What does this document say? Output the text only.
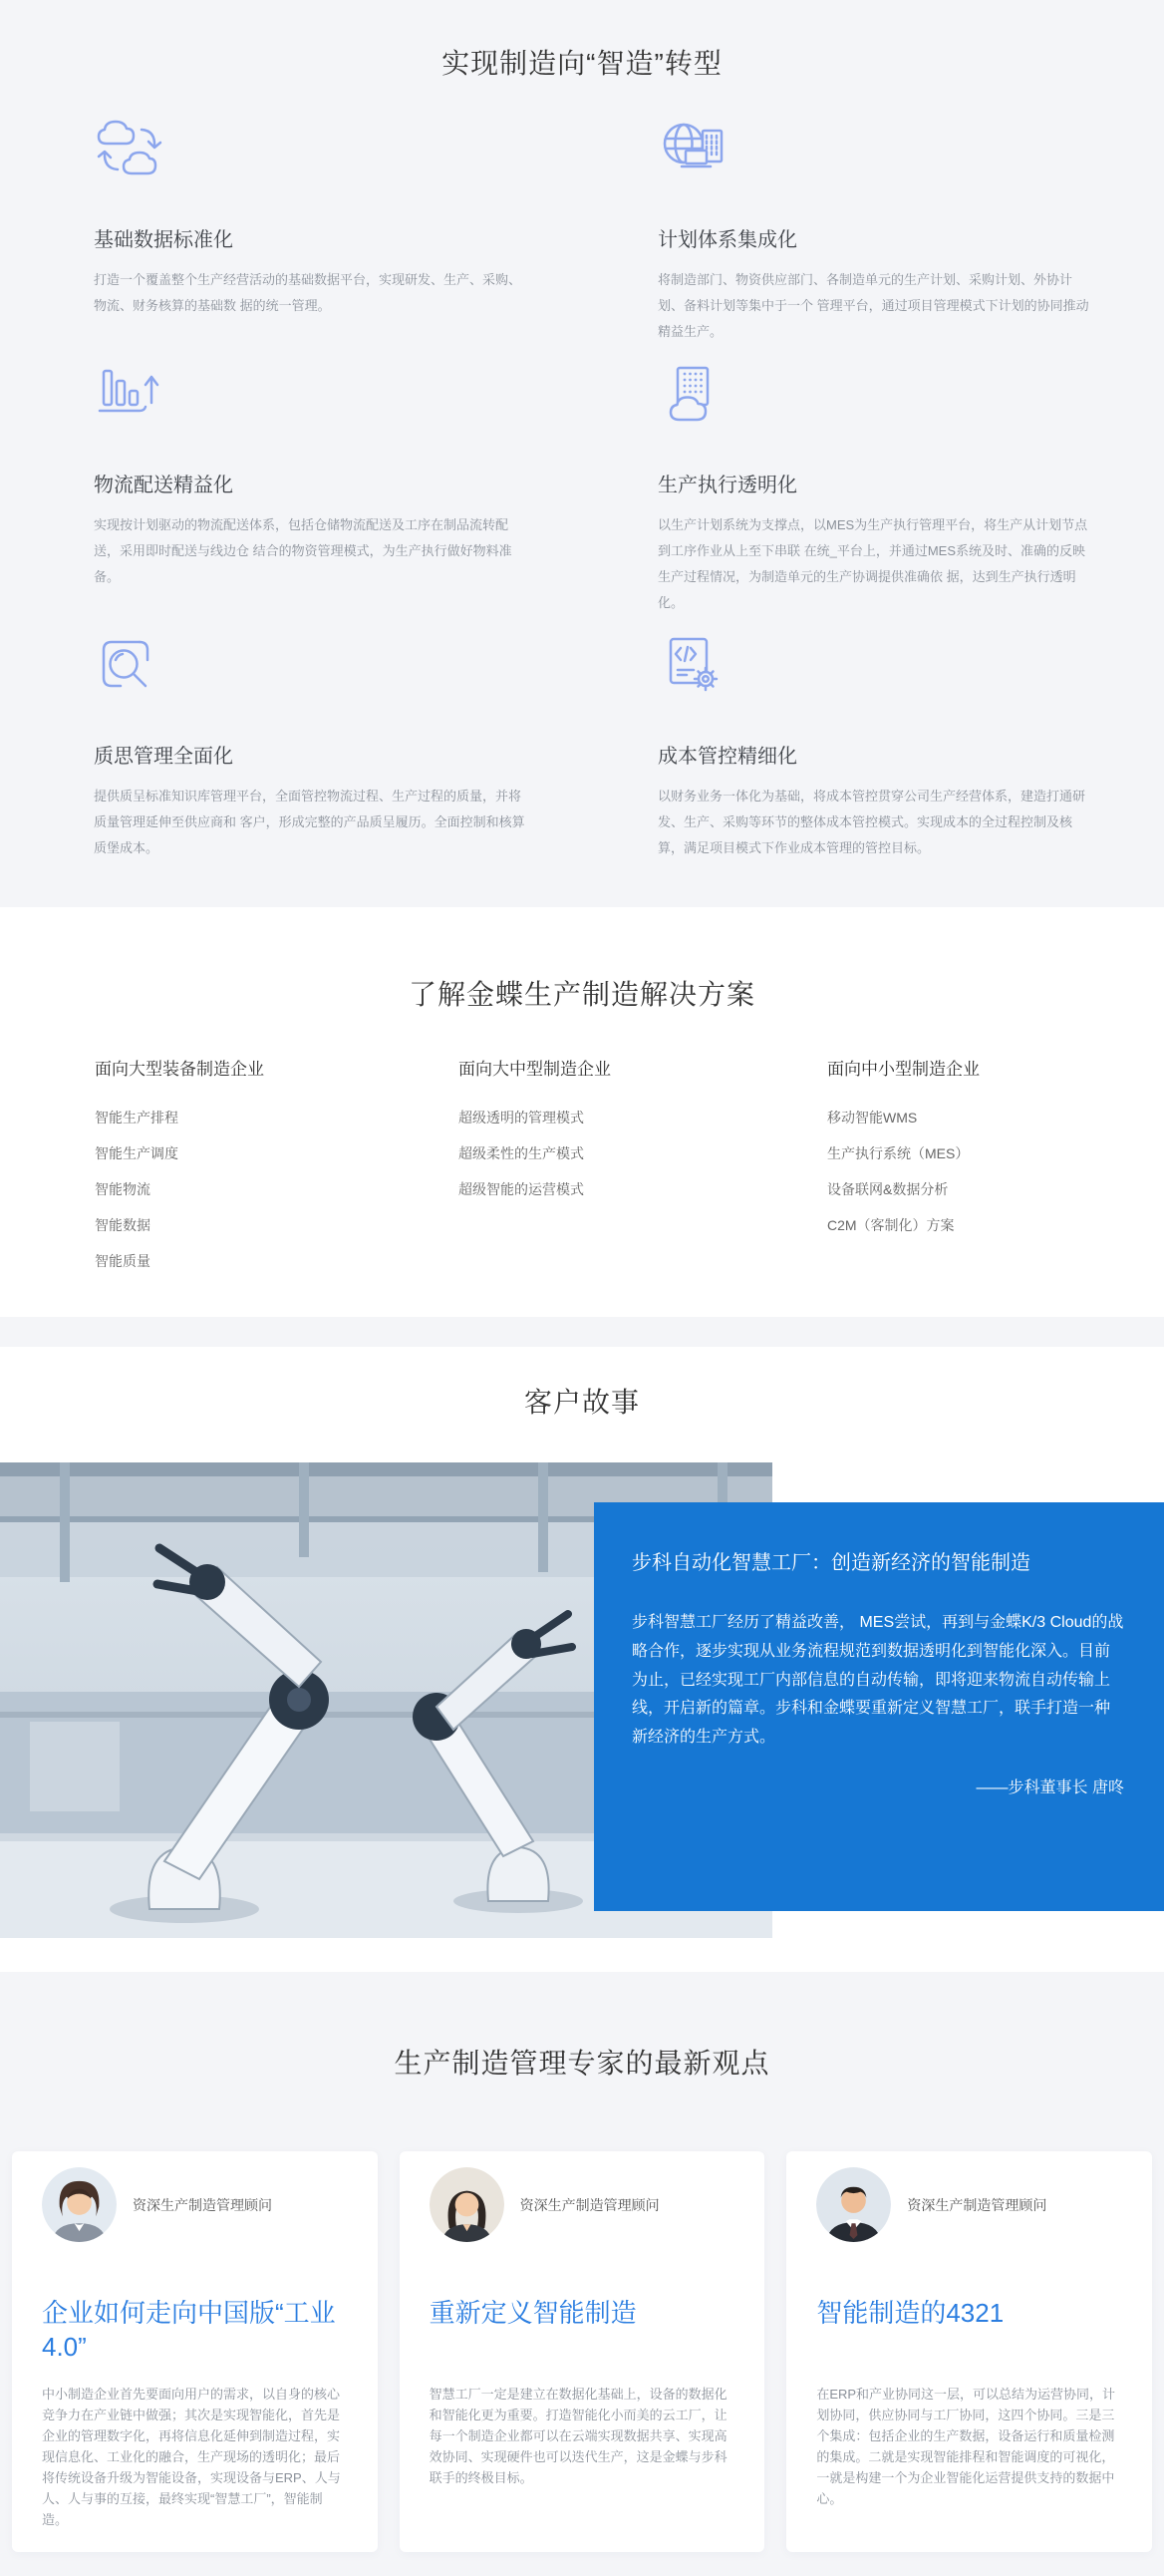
实现制造向“智造”转型
基础数据标准化

打造一个覆盖整个生产经营活动的基础数据平台，实现研发、生产、采购、物流、财务核算的基础数 据的统一管理。

计划体系集成化

将制造部门、物资供应部门、各制造单元的生产计划、采购计划、外协计划、备料计划等集中于一个 管理平台，通过项目管理模式下计划的协同推动精益生产。

物流配送精益化

实现按计划驱动的物流配送体系，包括仓储物流配送及工序在制品流转配送，采用即时配送与线边仓 结合的物资管理模式，为生产执行做好物料准备。

生产执行透明化

以生产计划系统为支撑点，以MES为生产执行管理平台，将生产从计划节点到工序作业从上至下串联 在统_平台上，并通过MES系统及时、准确的反映生产过程情况，为制造单元的生产协调提供准确依 据，达到生产执行透明化。

质思管理全面化

提供质呈标准知识库管理平台，全面管控物流过程、生产过程的质量，并将质量管理延伸至供应商和 客户，形成完整的产品质呈履历。全面控制和核算质堡成本。

成本管控精细化

以财务业务一体化为基础，将成本管控贯穿公司生产经营体系，建造打通研发、生产、采购等环节的整体成本管控模式。实现成本的全过程控制及核算，满足项目模式下作业成本管理的管控目标。

了解金蝶生产制造解决方案
面向大型装备制造企业
智能生产排程
智能生产调度
智能物流
智能数据
智能质量
面向大中型制造企业
超级透明的管理模式
超级柔性的生产模式
超级智能的运营模式
面向中小型制造企业
移动智能WMS
生产执行系统（MES）
设备联网&数据分析
C2M（客制化）方案
客户故事
步科自动化智慧工厂：创造新经济的智能制造

步科智慧工厂经历了精益改善， MES尝试，再到与金蝶K/3 Cloud的战略合作，逐步实现从业务流程规范到数据透明化到智能化深入。目前为止，已经实现工厂内部信息的自动传输，即将迎来物流自动传输上线，开启新的篇章。步科和金蝶要重新定义智慧工厂，联手打造一种新经济的生产方式。

——步科董事长 唐咚

生产制造管理专家的最新观点
资深生产制造管理顾问
企业如何走向中国版“工业4.0”

中小制造企业首先要面向用户的需求，以自身的核心竞争力在产业链中做强；其次是实现智能化，首先是企业的管理数字化，再将信息化延伸到制造过程，实现信息化、工业化的融合，生产现场的透明化；最后将传统设备升级为智能设备，实现设备与ERP、人与人、人与事的互接，最终实现“智慧工厂”，智能制造。

资深生产制造管理顾问
重新定义智能制造

智慧工厂一定是建立在数据化基础上，设备的数据化和智能化更为重要。打造智能化小而美的云工厂，让每一个制造企业都可以在云端实现数据共享、实现高效协同、实现硬件也可以迭代生产，这是金蝶与步科联手的终极目标。

资深生产制造管理顾问
智能制造的4321

在ERP和产业协同这一层，可以总结为运营协同，计划协同，供应协同与工厂协同，这四个协同。三是三个集成：包括企业的生产数据，设备运行和质量检测的集成。二就是实现智能排程和智能调度的可视化，一就是构建一个为企业智能化运营提供支持的数据中心。
